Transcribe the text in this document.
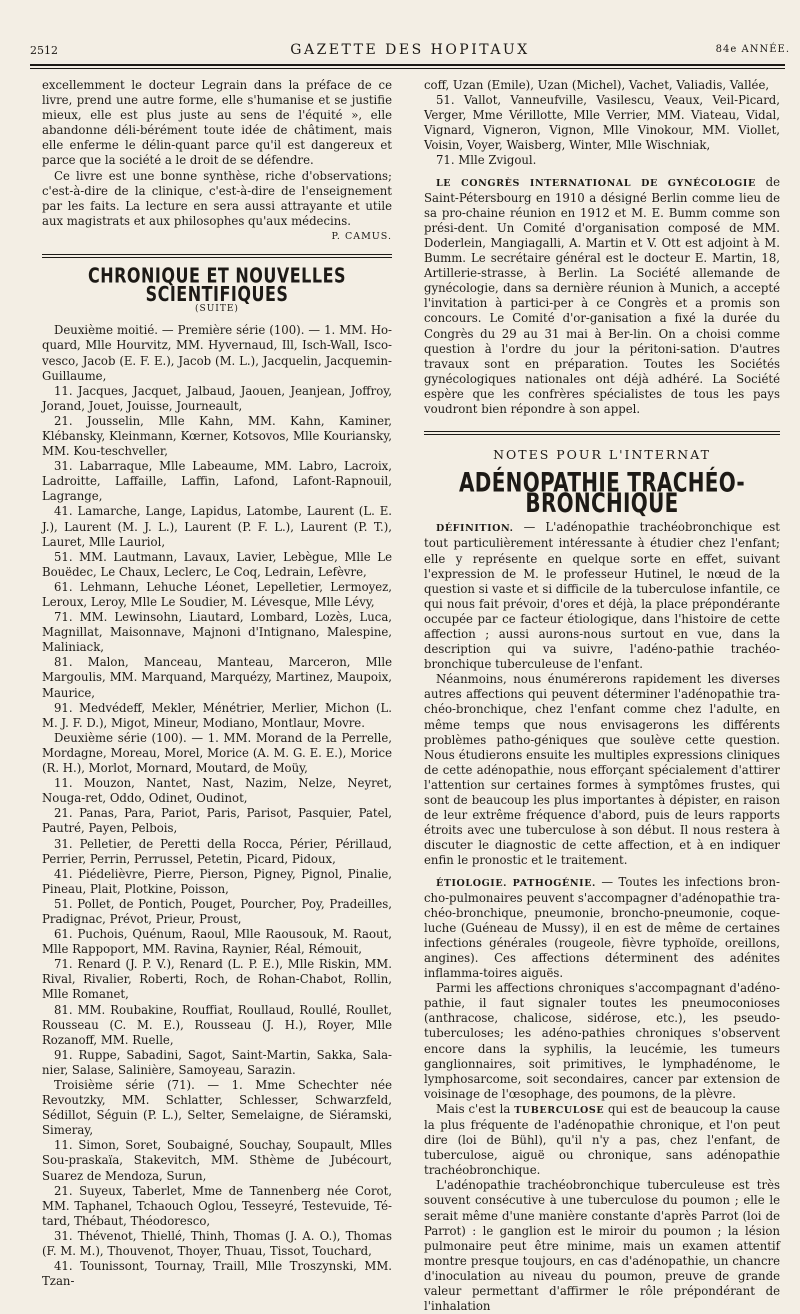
2512	GAZETTE DES HOPITAUX	84e ANNÉE.

excellemment le docteur Legrain dans la préface de ce livre, prend une autre forme, elle s'humanise et se justifie mieux, elle est plus juste au sens de l'équité », elle abandonne déli-bérément toute idée de châtiment, mais elle enferme le délin-quant parce qu'il est dangereux et parce que la société a le droit de se défendre.

Ce livre est une bonne synthèse, riche d'observations; c'est-à-dire de la clinique, c'est-à-dire de l'enseignement par les faits. La lecture en sera aussi attrayante et utile aux magistrats et aux philosophes qu'aux médecins.

P. CAMUS.
CHRONIQUE ET NOUVELLES SCIENTIFIQUES
(SUITE)

Deuxième moitié. — Première série (100). — 1. MM. Ho-quard, Mlle Hourvitz, MM. Hyvernaud, Ill, Isch-Wall, Isco-vesco, Jacob (E. F. E.), Jacob (M. L.), Jacquelin, Jacquemin-Guillaume,

11. Jacques, Jacquet, Jalbaud, Jaouen, Jeanjean, Joffroy, Jorand, Jouet, Jouisse, Journeault,

21. Jousselin, Mlle Kahn, MM. Kahn, Kaminer, Klébansky, Kleinmann, Kœrner, Kotsovos, Mlle Kouriansky, MM. Kou-teschveller,

31. Labarraque, Mlle Labeaume, MM. Labro, Lacroix, Ladroitte, Laffaille, Laffin, Lafond, Lafont-Rapnouil, Lagrange,

41. Lamarche, Lange, Lapidus, Latombe, Laurent (L. E. J.), Laurent (M. J. L.), Laurent (P. F. L.), Laurent (P. T.), Lauret, Mlle Lauriol,

51. MM. Lautmann, Lavaux, Lavier, Lebègue, Mlle Le Bouëdec, Le Chaux, Leclerc, Le Coq, Ledrain, Lefèvre,

61. Lehmann, Lehuche Léonet, Lepelletier, Lermoyez, Leroux, Leroy, Mlle Le Soudier, M. Lévesque, Mlle Lévy,

71. MM. Lewinsohn, Liautard, Lombard, Lozès, Luca, Magnillat, Maisonnave, Majnoni d'Intignano, Malespine, Maliniack,

81. Malon, Manceau, Manteau, Marceron, Mlle Margoulis, MM. Marquand, Marquézy, Martinez, Maupoix, Maurice,

91. Medvédeff, Mekler, Ménétrier, Merlier, Michon (L. M. J. F. D.), Migot, Mineur, Modiano, Montlaur, Movre.

Deuxième série (100). — 1. MM. Morand de la Perrelle, Mordagne, Moreau, Morel, Morice (A. M. G. E. E.), Morice (R. H.), Morlot, Mornard, Moutard, de Moüy,

11. Mouzon, Nantet, Nast, Nazim, Nelze, Neyret, Nouga-ret, Oddo, Odinet, Oudinot,

21. Panas, Para, Pariot, Paris, Parisot, Pasquier, Patel, Pautré, Payen, Pelbois,

31. Pelletier, de Peretti della Rocca, Périer, Périllaud, Perrier, Perrin, Perrussel, Petetin, Picard, Pidoux,

41. Piédelièvre, Pierre, Pierson, Pigney, Pignol, Pinalie, Pineau, Plait, Plotkine, Poisson,

51. Pollet, de Pontich, Pouget, Pourcher, Poy, Pradeilles, Pradignac, Prévot, Prieur, Proust,

61. Puchois, Quénum, Raoul, Mlle Raousouk, M. Raout, Mlle Rappoport, MM. Ravina, Raynier, Réal, Rémouit,

71. Renard (J. P. V.), Renard (L. P. E.), Mlle Riskin, MM. Rival, Rivalier, Roberti, Roch, de Rohan-Chabot, Rollin, Mlle Romanet,

81. MM. Roubakine, Rouffiat, Roullaud, Roullé, Roullet, Rousseau (C. M. E.), Rousseau (J. H.), Royer, Mlle Rozanoff, MM. Ruelle,

91. Ruppe, Sabadini, Sagot, Saint-Martin, Sakka, Sala-nier, Salase, Salinière, Samoyeau, Sarazin.

Troisième série (71). — 1. Mme Schechter née Revoutzky, MM. Schlatter, Schlesser, Schwarzfeld, Sédillot, Séguin (P. L.), Selter, Semelaigne, de Siéramski, Simeray,

11. Simon, Soret, Soubaigné, Souchay, Soupault, Mlles Sou-praskaïa, Stakevitch, MM. Sthème de Jubécourt, Suarez de Mendoza, Surun,

21. Suyeux, Taberlet, Mme de Tannenberg née Corot, MM. Taphanel, Tchaouch Oglou, Tesseyré, Testevuide, Té-tard, Thébaut, Théodoresco,

31. Thévenot, Thiellé, Thinh, Thomas (J. A. O.), Thomas (F. M. M.), Thouvenot, Thoyer, Thuau, Tissot, Touchard,

41. Tounissont, Tournay, Traill, Mlle Troszynski, MM. Tzan-

coff, Uzan (Emile), Uzan (Michel), Vachet, Valiadis, Vallée,

51. Vallot, Vanneufville, Vasilescu, Veaux, Veil-Picard, Verger, Mme Vérillotte, Mlle Verrier, MM. Viateau, Vidal, Vignard, Vigneron, Vignon, Mlle Vinokour, MM. Viollet, Voisin, Voyer, Waisberg, Winter, Mlle Wischniak,

71. Mlle Zvigoul.

LE CONGRÈS INTERNATIONAL DE GYNÉCOLOGIE de Saint-Pétersbourg en 1910 a désigné Berlin comme lieu de sa pro-chaine réunion en 1912 et M. E. Bumm comme son prési-dent. Un Comité d'organisation composé de MM. Doderlein, Mangiagalli, A. Martin et V. Ott est adjoint à M. Bumm. Le secrétaire général est le docteur E. Martin, 18, Artillerie-strasse, à Berlin. La Société allemande de gynécologie, dans sa dernière réunion à Munich, a accepté l'invitation à partici-per à ce Congrès et a promis son concours. Le Comité d'or-ganisation a fixé la durée du Congrès du 29 au 31 mai à Ber-lin. On a choisi comme question à l'ordre du jour la péritoni-sation. D'autres travaux sont en préparation. Toutes les Sociétés gynécologiques nationales ont déjà adhéré. La Société espère que les confrères spécialistes de tous les pays voudront bien répondre à son appel.

NOTES POUR L'INTERNAT
ADÉNOPATHIE TRACHÉO-BRONCHIQUE

DÉFINITION. — L'adénopathie trachéobronchique est tout particulièrement intéressante à étudier chez l'enfant; elle y représente en quelque sorte en effet, suivant l'expression de M. le professeur Hutinel, le nœud de la question si vaste et si difficile de la tuberculose infantile, ce qui nous fait prévoir, d'ores et déjà, la place prépondérante occupée par ce facteur étiologique, dans l'histoire de cette affection ; aussi aurons-nous surtout en vue, dans la description qui va suivre, l'adéno-pathie trachéo-bronchique tuberculeuse de l'enfant.

Néanmoins, nous énumérerons rapidement les diverses autres affections qui peuvent déterminer l'adénopathie tra-chéo-bronchique, chez l'enfant comme chez l'adulte, en même temps que nous envisagerons les différents problèmes patho-géniques que soulève cette question. Nous étudierons ensuite les multiples expressions cliniques de cette adénopathie, nous efforçant spécialement d'attirer l'attention sur certaines formes à symptômes frustes, qui sont de beaucoup les plus importantes à dépister, en raison de leur extrême fréquence d'abord, puis de leurs rapports étroits avec une tuberculose à son début. Il nous restera à discuter le diagnostic de cette affection, et à en indiquer enfin le pronostic et le traitement.

ÉTIOLOGIE. PATHOGÉNIE. — Toutes les infections bron-cho-pulmonaires peuvent s'accompagner d'adénopathie tra-chéo-bronchique, pneumonie, broncho-pneumonie, coque-luche (Guéneau de Mussy), il en est de même de certaines infections générales (rougeole, fièvre typhoïde, oreillons, angines). Ces affections déterminent des adénites inflamma-toires aiguës.

Parmi les affections chroniques s'accompagnant d'adéno-pathie, il faut signaler toutes les pneumoconioses (anthracose, chalicose, sidérose, etc.), les pseudo-tuberculoses; les adéno-pathies chroniques s'observent encore dans la syphilis, la leucémie, les tumeurs ganglionnaires, soit primitives, le lymphadénome, le lymphosarcome, soit secondaires, cancer par extension de voisinage de l'œsophage, des poumons, de la plèvre.

Mais c'est la TUBERCULOSE qui est de beaucoup la cause la plus fréquente de l'adénopathie chronique, et l'on peut dire (loi de Bühl), qu'il n'y a pas, chez l'enfant, de tuberculose, aiguë ou chronique, sans adénopathie trachéobronchique.

L'adénopathie trachéobronchique tuberculeuse est très souvent consécutive à une tuberculose du poumon ; elle le serait même d'une manière constante d'après Parrot (loi de Parrot) : le ganglion est le miroir du poumon ; la lésion pulmonaire peut être minime, mais un examen attentif montre presque toujours, en cas d'adénopathie, un chancre d'inoculation au niveau du poumon, preuve de grande valeur permettant d'affirmer le rôle prépondérant de l'inhalation
